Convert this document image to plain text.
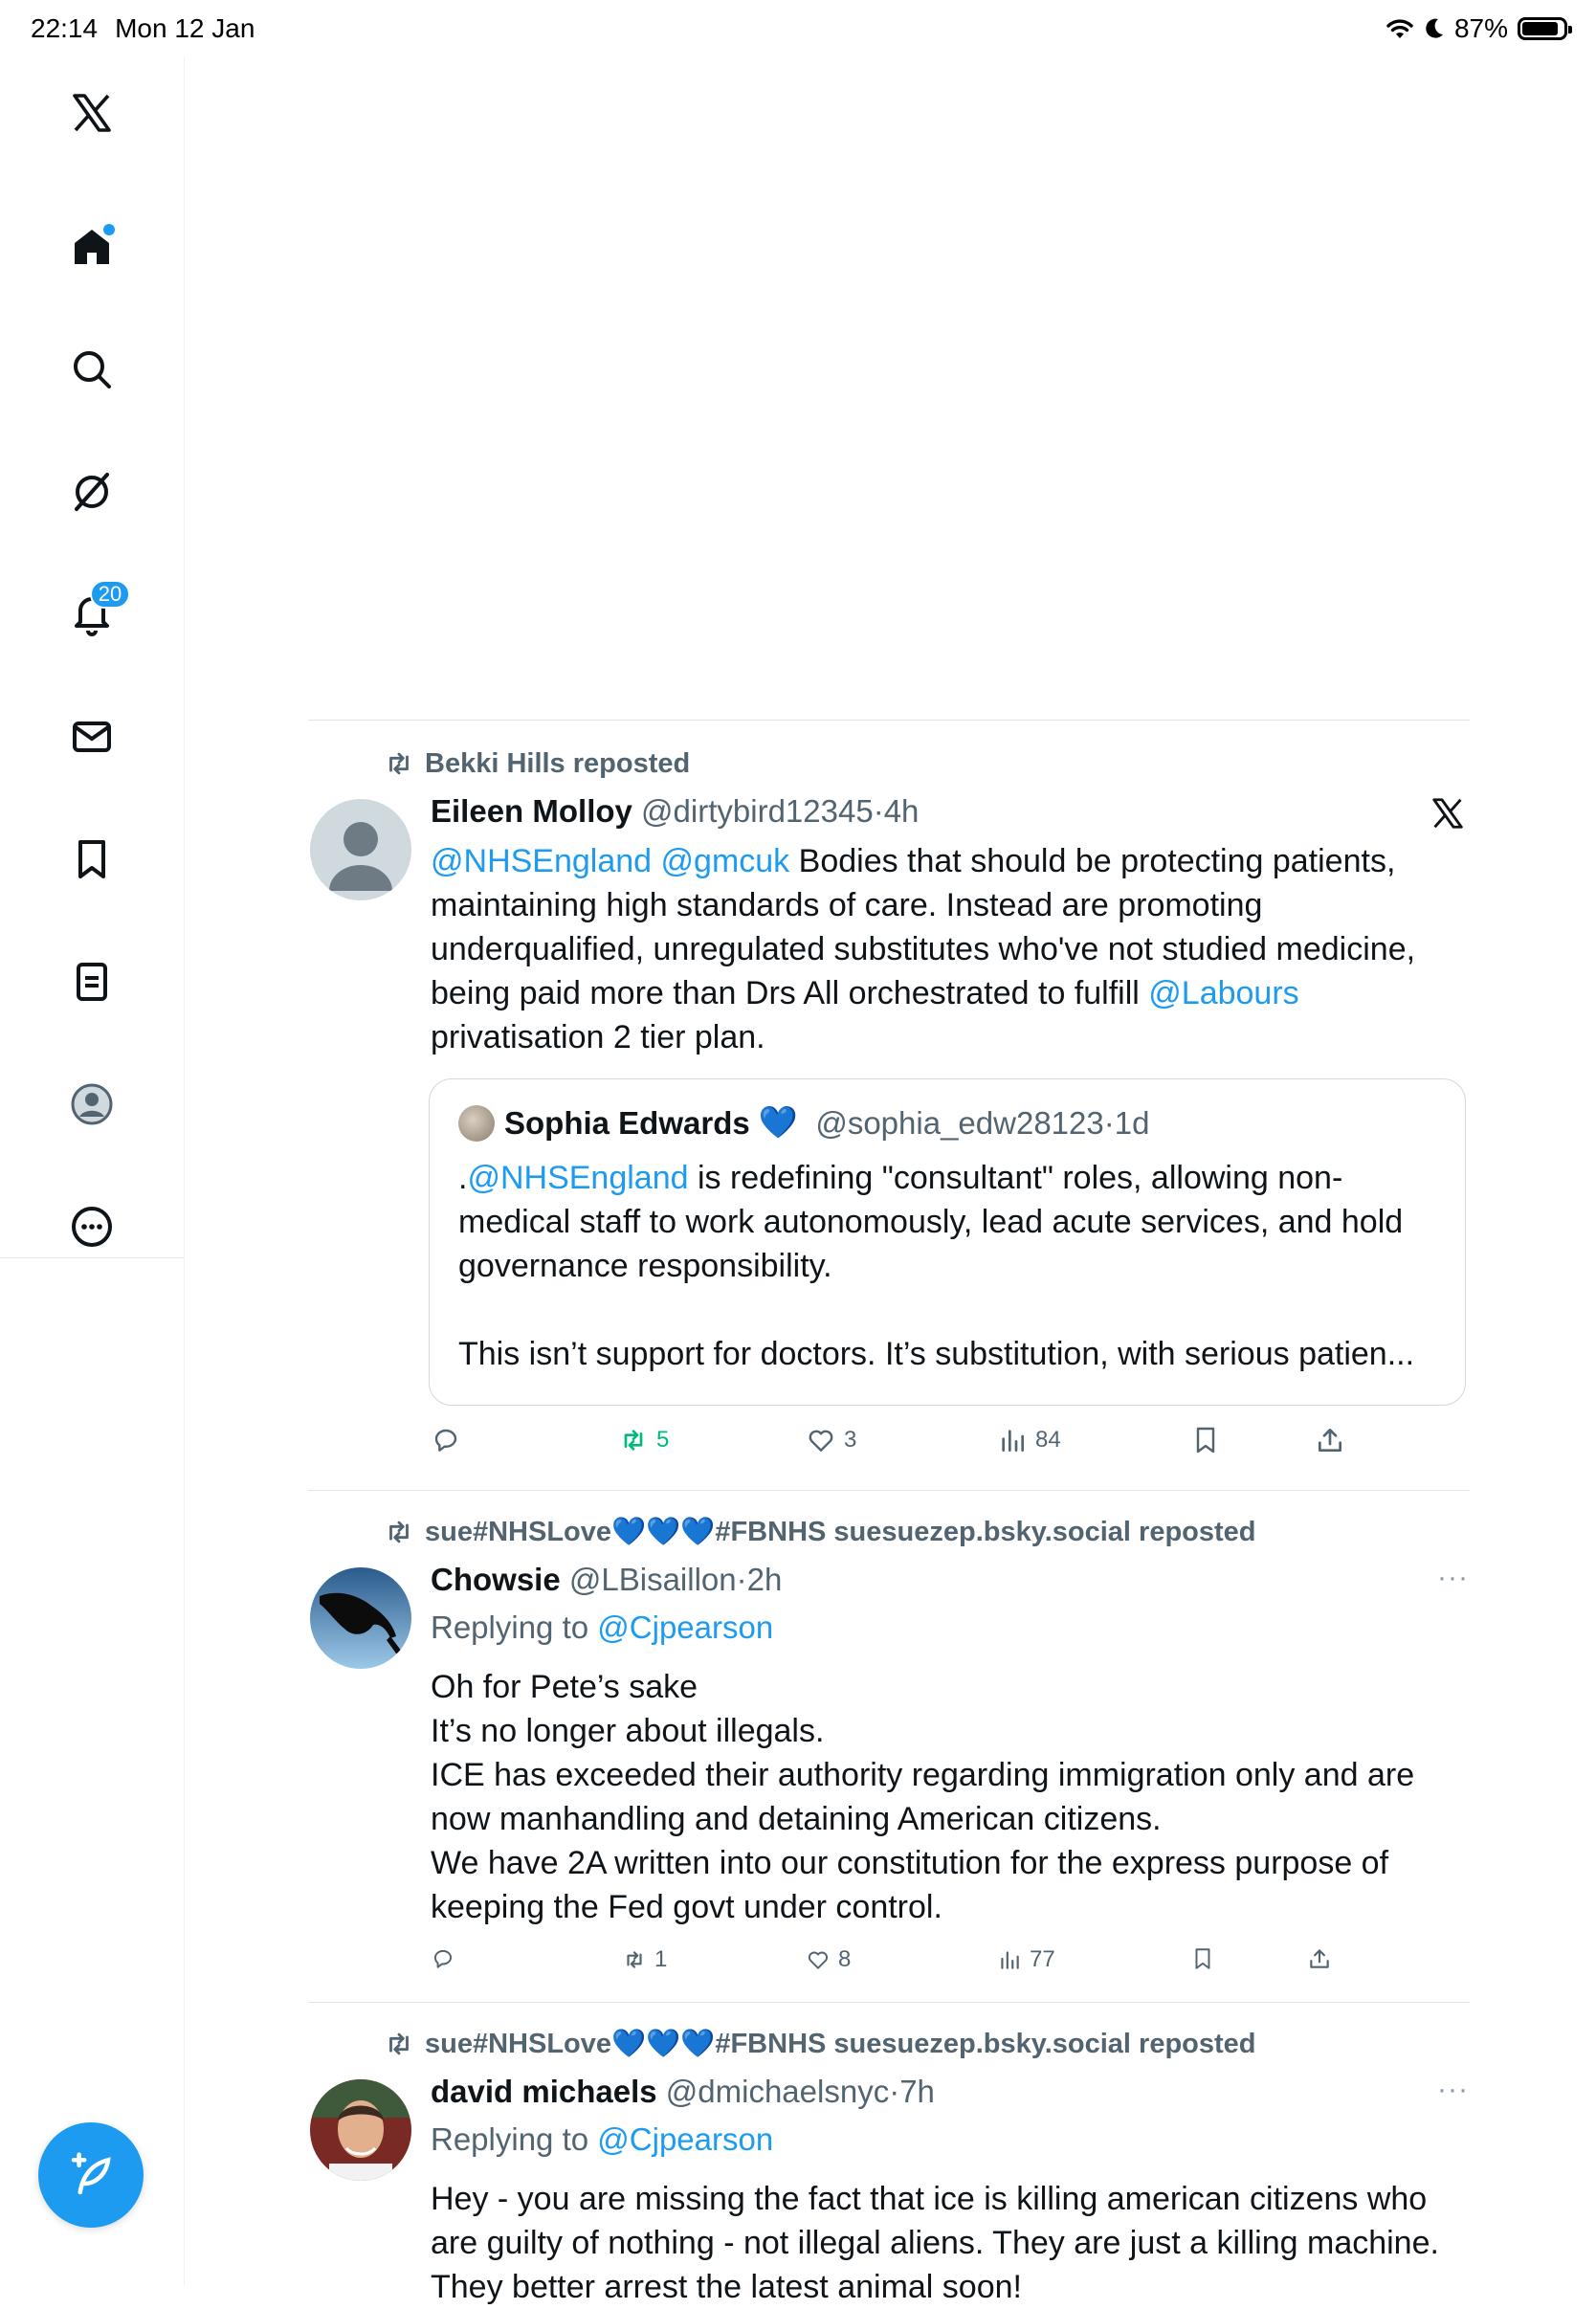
22:14 Mon 12 Jan	87%
20
Bekki Hills reposted
Eileen Molloy @dirtybird12345·4h
@NHSEngland @gmcuk Bodies that should be protecting patients, maintaining high standards of care. Instead are promoting underqualified, unregulated substitutes who've not studied medicine, being paid more than Drs All orchestrated to fulfill @Labours privatisation 2 tier plan.
Sophia Edwards
💙
@sophia_edw28123 · 1d

.@NHSEngland is redefining "consultant" roles, allowing non-medical staff to work autonomously, lead acute services, and hold governance responsibility.

This isn’t support for doctors. It’s substitution, with serious patien...

5	3	84
sue#NHSLove💙💙💙#FBNHS suesuezep.bsky.social reposted
Chowsie @LBisaillon·2h	···
Replying to @Cjpearson

Oh for Pete’s sake

It’s no longer about illegals.

ICE has exceeded their authority regarding immigration only and are now manhandling and detaining American citizens.

We have 2A written into our constitution for the express purpose of keeping the Fed govt under control.

1	8	77
sue#NHSLove💙💙💙#FBNHS suesuezep.bsky.social reposted
david michaels @dmichaelsnyc·7h	···
Replying to @Cjpearson
Hey - you are missing the fact that ice is killing american citizens who are guilty of nothing - not illegal aliens. They are just a killing machine. They better arrest the latest animal soon!
